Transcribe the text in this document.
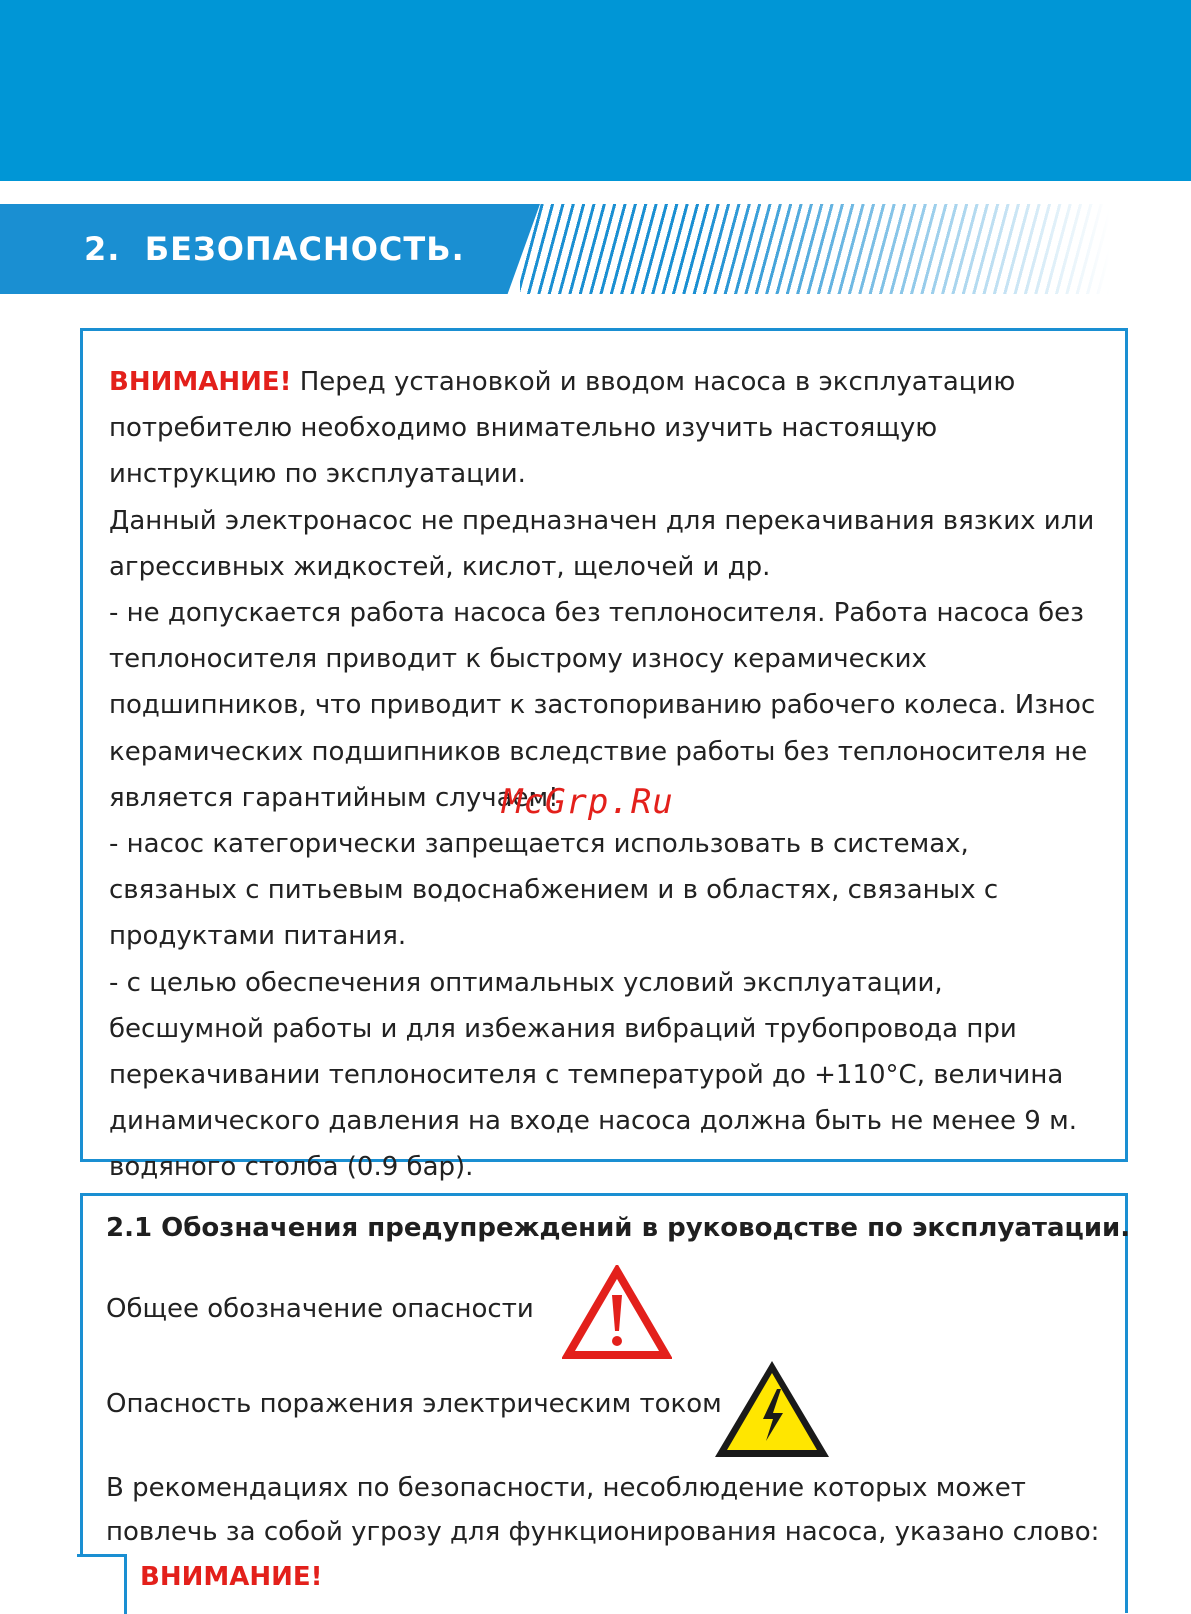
2. БЕЗОПАСНОСТЬ.

ВНИМАНИЕ! Перед установкой и вводом насоса в эксплуатацию потребителю необходимо внимательно изучить настоящую инструкцию по эксплуатации.

Данный электронасос не предназначен для перекачивания вязких или агрессивных жидкостей, кислот, щелочей и др.

- не допускается работа насоса без теплоносителя. Работа насоса без теплоносителя приводит к быстрому износу керамических подшипников, что приводит к застопориванию рабочего колеса. Износ керамических подшипников вследствие работы без теплоносителя не является гарантийным случаем!

- насос категорически запрещается использовать в системах, связаных с питьевым водоснабжением и в областях, связаных с продуктами питания.

- с целью обеспечения оптимальных условий эксплуатации, бесшумной работы и для избежания вибраций трубопровода при перекачивании теплоносителя с температурой до +110°С, величина динамического давления на входе насоса должна быть не менее 9 м. водяного столба (0.9 бар).

McGrp.Ru
2.1 Обозначения предупреждений в руководстве по эксплуатации.
Общее обозначение опасности
Опасность поражения электрическим током

В рекомендациях по безопасности, несоблюдение которых может повлечь за собой угрозу для функционирования насоса, указано слово:

ВНИМАНИЕ!
